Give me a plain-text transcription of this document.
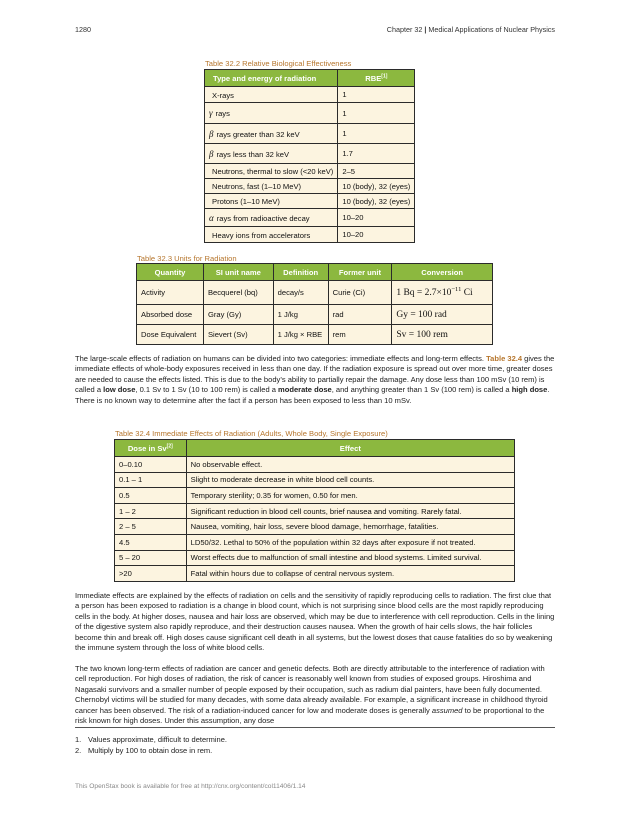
1280	Chapter 32 | Medical Applications of Nuclear Physics
Table 32.2 Relative Biological Effectiveness
Type and energy of radiation	RBE[1]
X-rays	1
γ rays	1
β rays greater than 32 keV	1
β rays less than 32 keV	1.7
Neutrons, thermal to slow (<20 keV)	2–5
Neutrons, fast (1–10 MeV)	10 (body), 32 (eyes)
Protons (1–10 MeV)	10 (body), 32 (eyes)
α rays from radioactive decay	10–20
Heavy ions from accelerators	10–20
Table 32.3 Units for Radiation
Quantity	SI unit name	Definition	Former unit	Conversion
Activity	Becquerel (bq)	decay/s	Curie (Ci)	1 $Bq = 2.7\times 10^{-11}$ Ci
Absorbed dose	Gray (Gy)	1 J/kg	rad	Gy = 100 rad
Dose Equivalent	Sievert (Sv)	1 J/kg × RBE	rem	Sv = 100 rem
The large-scale effects of radiation on humans can be divided into two categories: immediate effects and long-term effects. Table 32.4 gives the immediate effects of whole-body exposures received in less than one day. If the radiation exposure is spread out over more time, greater doses are needed to cause the effects listed. This is due to the body’s ability to partially repair the damage. Any dose less than 100 mSv (10 rem) is called a low dose, 0.1 Sv to 1 Sv (10 to 100 rem) is called a moderate dose, and anything greater than 1 Sv (100 rem) is called a high dose. There is no known way to determine after the fact if a person has been exposed to less than 10 mSv.
Table 32.4 Immediate Effects of Radiation (Adults, Whole Body, Single Exposure)
Dose in Sv[2]	Effect
0–0.10	No observable effect.
0.1 – 1	Slight to moderate decrease in white blood cell counts.
0.5	Temporary sterility; 0.35 for women, 0.50 for men.
1 – 2	Significant reduction in blood cell counts, brief nausea and vomiting. Rarely fatal.
2 – 5	Nausea, vomiting, hair loss, severe blood damage, hemorrhage, fatalities.
4.5	LD50/32. Lethal to 50% of the population within 32 days after exposure if not treated.
5 – 20	Worst effects due to malfunction of small intestine and blood systems. Limited survival.
>20	Fatal within hours due to collapse of central nervous system.
Immediate effects are explained by the effects of radiation on cells and the sensitivity of rapidly reproducing cells to radiation. The first clue that a person has been exposed to radiation is a change in blood count, which is not surprising since blood cells are the most rapidly reproducing cells in the body. At higher doses, nausea and hair loss are observed, which may be due to interference with cell reproduction. Cells in the lining of the digestive system also rapidly reproduce, and their destruction causes nausea. When the growth of hair cells slows, the hair follicles become thin and break off. High doses cause significant cell death in all systems, but the lowest doses that cause fatalities do so by weakening the immune system through the loss of white blood cells.
The two known long-term effects of radiation are cancer and genetic defects. Both are directly attributable to the interference of radiation with cell reproduction. For high doses of radiation, the risk of cancer is reasonably well known from studies of exposed groups. Hiroshima and Nagasaki survivors and a smaller number of people exposed by their occupation, such as radium dial painters, have been fully documented. Chernobyl victims will be studied for many decades, with some data already available. For example, a significant increase in childhood thyroid cancer has been observed. The risk of a radiation-induced cancer for low and moderate doses is generally assumed to be proportional to the risk known for high doses. Under this assumption, any dose
1. Values approximate, difficult to determine.
2. Multiply by 100 to obtain dose in rem.
This OpenStax book is available for free at http://cnx.org/content/col11406/1.14
